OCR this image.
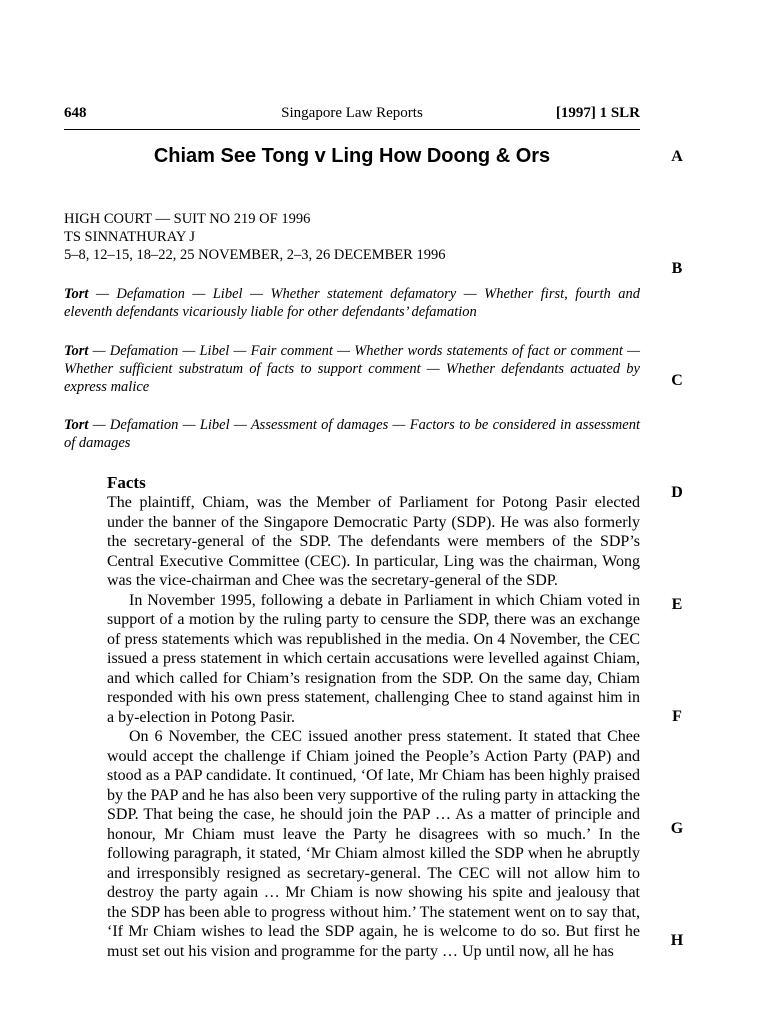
648	Singapore Law Reports	[1997] 1 SLR
Chiam See Tong v Ling How Doong & Ors
HIGH COURT — SUIT NO 219 OF 1996
TS SINNATHURAY J
5–8, 12–15, 18–22, 25 NOVEMBER, 2–3, 26 DECEMBER 1996
Tort — Defamation — Libel — Whether statement defamatory — Whether first, fourth and eleventh defendants vicariously liable for other defendants’ defamation
Tort — Defamation — Libel — Fair comment — Whether words statements of fact or comment — Whether sufficient substratum of facts to support comment — Whether defendants actuated by express malice
Tort — Defamation — Libel — Assessment of damages — Factors to be considered in assessment of damages

Facts

The plaintiff, Chiam, was the Member of Parliament for Potong Pasir elected under the banner of the Singapore Democratic Party (SDP). He was also formerly the secretary-general of the SDP. The defendants were members of the SDP’s Central Executive Committee (CEC). In particular, Ling was the chairman, Wong was the vice-chairman and Chee was the secretary-general of the SDP.

In November 1995, following a debate in Parliament in which Chiam voted in support of a motion by the ruling party to censure the SDP, there was an exchange of press statements which was republished in the media. On 4 November, the CEC issued a press statement in which certain accusations were levelled against Chiam, and which called for Chiam’s resignation from the SDP. On the same day, Chiam responded with his own press statement, challenging Chee to stand against him in a by-election in Potong Pasir.

On 6 November, the CEC issued another press statement. It stated that Chee would accept the challenge if Chiam joined the People’s Action Party (PAP) and stood as a PAP candidate. It continued, ‘Of late, Mr Chiam has been highly praised by the PAP and he has also been very supportive of the ruling party in attacking the SDP. That being the case, he should join the PAP … As a matter of principle and honour, Mr Chiam must leave the Party he disagrees with so much.’ In the following paragraph, it stated, ‘Mr Chiam almost killed the SDP when he abruptly and irresponsibly resigned as secretary-general. The CEC will not allow him to destroy the party again … Mr Chiam is now showing his spite and jealousy that the SDP has been able to progress without him.’ The statement went on to say that, ‘If Mr Chiam wishes to lead the SDP again, he is welcome to do so. But first he must set out his vision and programme for the party … Up until now, all he has

A
B
C
D
E
F
G
H
